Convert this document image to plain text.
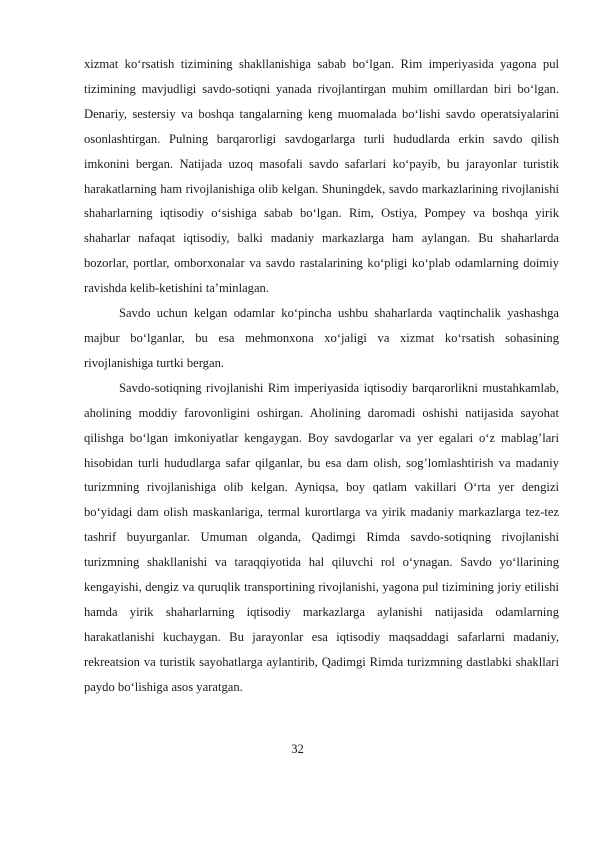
xizmat ko‘rsatish tizimining shakllanishiga sabab bo‘lgan. Rim imperiyasida yagona pul tizimining mavjudligi savdo-sotiqni yanada rivojlantirgan muhim omillardan biri bo‘lgan. Denariy, sestersiy va boshqa tangalarning keng muomalada bo‘lishi savdo operatsiyalarini osonlashtirgan. Pulning barqarorligi savdogarlarga turli hududlarda erkin savdo qilish imkonini bergan. Natijada uzoq masofali savdo safarlari ko‘payib, bu jarayonlar turistik harakatlarning ham rivojlanishiga olib kelgan. Shuningdek, savdo markazlarining rivojlanishi shaharlarning iqtisodiy o‘sishiga sabab bo‘lgan. Rim, Ostiya, Pompey va boshqa yirik shaharlar nafaqat iqtisodiy, balki madaniy markazlarga ham aylangan. Bu shaharlarda bozorlar, portlar, omborxonalar va savdo rastalarining ko‘pligi ko‘plab odamlarning doimiy ravishda kelib-ketishini ta’minlagan.

Savdo uchun kelgan odamlar ko‘pincha ushbu shaharlarda vaqtinchalik yashashga majbur bo‘lganlar, bu esa mehmonxona xo‘jaligi va xizmat ko‘rsatish sohasining rivojlanishiga turtki bergan.

Savdo-sotiqning rivojlanishi Rim imperiyasida iqtisodiy barqarorlikni mustahkamlab, aholining moddiy farovonligini oshirgan. Aholining daromadi oshishi natijasida sayohat qilishga bo‘lgan imkoniyatlar kengaygan. Boy savdogarlar va yer egalari o‘z mablag’lari hisobidan turli hududlarga safar qilganlar, bu esa dam olish, sog’lomlashtirish va madaniy turizmning rivojlanishiga olib kelgan. Ayniqsa, boy qatlam vakillari O‘rta yer dengizi bo‘yidagi dam olish maskanlariga, termal kurortlarga va yirik madaniy markazlarga tez-tez tashrif buyurganlar. Umuman olganda, Qadimgi Rimda savdo-sotiqning rivojlanishi turizmning shakllanishi va taraqqiyotida hal qiluvchi rol o‘ynagan. Savdo yo‘llarining kengayishi, dengiz va quruqlik transportining rivojlanishi, yagona pul tizimining joriy etilishi hamda yirik shaharlarning iqtisodiy markazlarga aylanishi natijasida odamlarning harakatlanishi kuchaygan. Bu jarayonlar esa iqtisodiy maqsaddagi safarlarni madaniy, rekreatsion va turistik sayohatlarga aylantirib, Qadimgi Rimda turizmning dastlabki shakllari paydo bo‘lishiga asos yaratgan.

32
